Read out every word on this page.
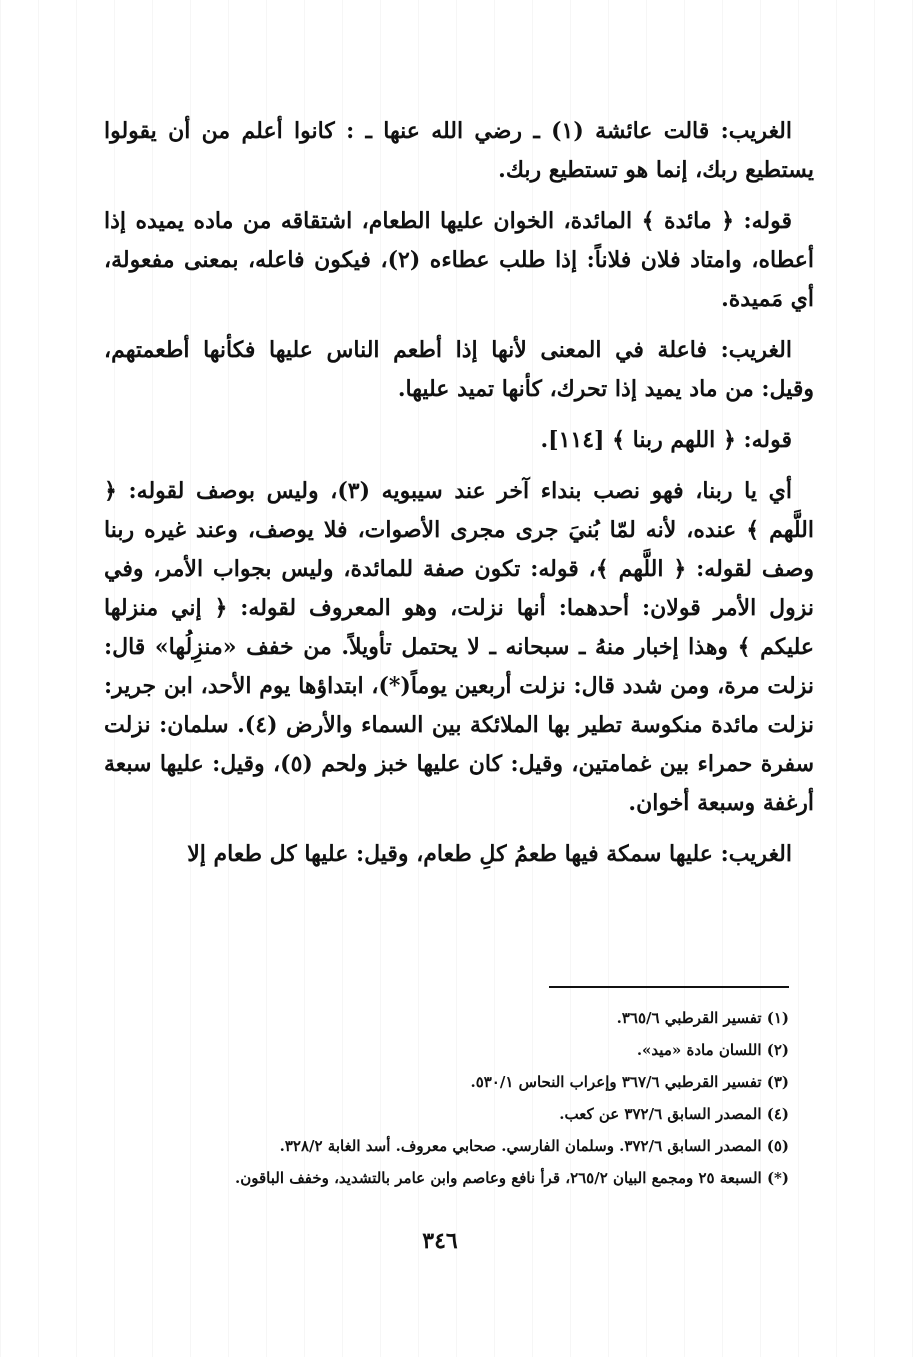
الغريب: قالت عائشة (١) ـ رضي الله عنها ـ : كانوا أعلم من أن يقولوا يستطيع ربك، إنما هو تستطيع ربك.

قوله: ﴿ مائدة ﴾ المائدة، الخوان عليها الطعام، اشتقاقه من ماده يميده إذا أعطاه، وامتاد فلان فلاناً: إذا طلب عطاءه (٢)، فيكون فاعله، بمعنى مفعولة، أي مَميدة.

الغريب: فاعلة في المعنى لأنها إذا أطعم الناس عليها فكأنها أطعمتهم، وقيل: من ماد يميد إذا تحرك، كأنها تميد عليها.

قوله: ﴿ اللهم ربنا ﴾ [١١٤].

أي يا ربنا، فهو نصب بنداء آخر عند سيبويه (٣)، وليس بوصف لقوله: ﴿ اللَّهم ﴾ عنده، لأنه لمّا بُنيَ جرى مجرى الأصوات، فلا يوصف، وعند غيره ربنا وصف لقوله: ﴿ اللَّهم ﴾، قوله: تكون صفة للمائدة، وليس بجواب الأمر، وفي نزول الأمر قولان: أحدهما: أنها نزلت، وهو المعروف لقوله: ﴿ إني منزلها عليكم ﴾ وهذا إخبار منهُ ـ سبحانه ـ لا يحتمل تأويلاً. من خفف «منزِلُها» قال: نزلت مرة، ومن شدد قال: نزلت أربعين يوماً(*)، ابتداؤها يوم الأحد، ابن جرير: نزلت مائدة منكوسة تطير بها الملائكة بين السماء والأرض (٤). سلمان: نزلت سفرة حمراء بين غمامتين، وقيل: كان عليها خبز ولحم (٥)، وقيل: عليها سبعة أرغفة وسبعة أخوان.

الغريب: عليها سمكة فيها طعمُ كلِ طعام، وقيل: عليها كل طعام إلا

(١) تفسير القرطبي ٣٦٥/٦.
(٢) اللسان مادة «ميد».
(٣) تفسير القرطبي ٣٦٧/٦ وإعراب النحاس ٥٣٠/١.
(٤) المصدر السابق ٣٧٢/٦ عن كعب.
(٥) المصدر السابق ٣٧٢/٦. وسلمان الفارسي. صحابي معروف. أسد الغابة ٣٢٨/٢.
(*) السبعة ٢٥ ومجمع البيان ٢٦٥/٢، قرأ نافع وعاصم وابن عامر بالتشديد، وخفف الباقون.
٣٤٦
